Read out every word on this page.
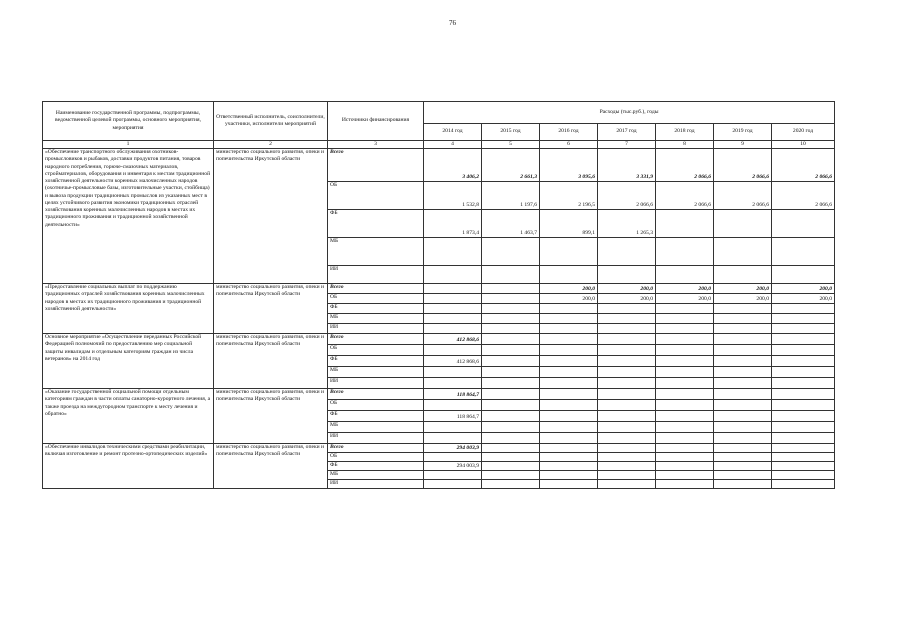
76
Наименование государственной программы, подпрограммы, ведомственной целевой программы, основного мероприятия, мероприятия	Ответственный исполнитель, соисполнители, участники, исполнители мероприятий	Источники финансирования	Расходы (тыс.руб.), годы						
			2014 год	2015 год	2016 год	2017 год	2018 год	2019 год	2020 год
1	2	3	4	5	6	7	8	9	10
«Обеспечение транспортного обслуживания охотников-промысловиков и рыбаков, доставки продуктов питания, товаров народного потребления, горюче-смазочных материалов, стройматериалов, оборудования и инвентаря к местам традиционной хозяйственной деятельности коренных малочисленных народов (охотничье-промысловые базы, изготовительные участки, стойбища) и вывоза продукции традиционных промыслов из указанных мест в целях устойчивого развития экономики традиционных отраслей хозяйствования коренных малочисленных народов в местах их традиционного проживания и традиционной хозяйственной деятельности»	министерство социального развития, опеки и попечительства Иркутской области	Всего	3 406,2	2 661,3	3 095,6	3 331,9	2 066,6	2 066,6	2 066,6
		ОБ	1 532,8	1 197,6	2 196,5	2 066,6	2 066,6	2 066,6	2 066,6
		ФБ	1 873,4	1 463,7	899,1	1 265,3			
		МБ							
		ИИ							
«Предоставление социальных выплат по поддержанию традиционных отраслей хозяйствования коренных малочисленных народов в местах их традиционного проживания и традиционной хозяйственной деятельности»	министерство социального развития, опеки и попечительства Иркутской области	Всего			200,0	200,0	200,0	200,0	200,0
		ОБ			200,0	200,0	200,0	200,0	200,0
		ФБ							
		МБ							
		ИИ							
Основное мероприятие «Осуществление переданных Российской Федерацией полномочий по предоставлению мер социальной защиты инвалидам и отдельным категориям граждан из числа ветеранов» на 2014 год	министерство социального развития, опеки и попечительства Иркутской области	Всего	412 868,6						
		ОБ							
		ФБ	412 868,6						
		МБ							
		ИИ							
«Оказание государственной социальной помощи отдельным категориям граждан в части оплаты санаторно-курортного лечения, а также проезда на междугородном транспорте к месту лечения и обратно»	министерство социального развития, опеки и попечительства Иркутской области	Всего	118 864,7						
		ОБ							
		ФБ	118 864,7						
		МБ							
		ИИ							
«Обеспечение инвалидов техническими средствами реабилитации, включая изготовление и ремонт протезно-ортопедических изделий»	министерство социального развития, опеки и попечительства Иркутской области	Всего	294 003,9						
		ОБ							
		ФБ	294 003,9						
		МБ							
		ИИ							
